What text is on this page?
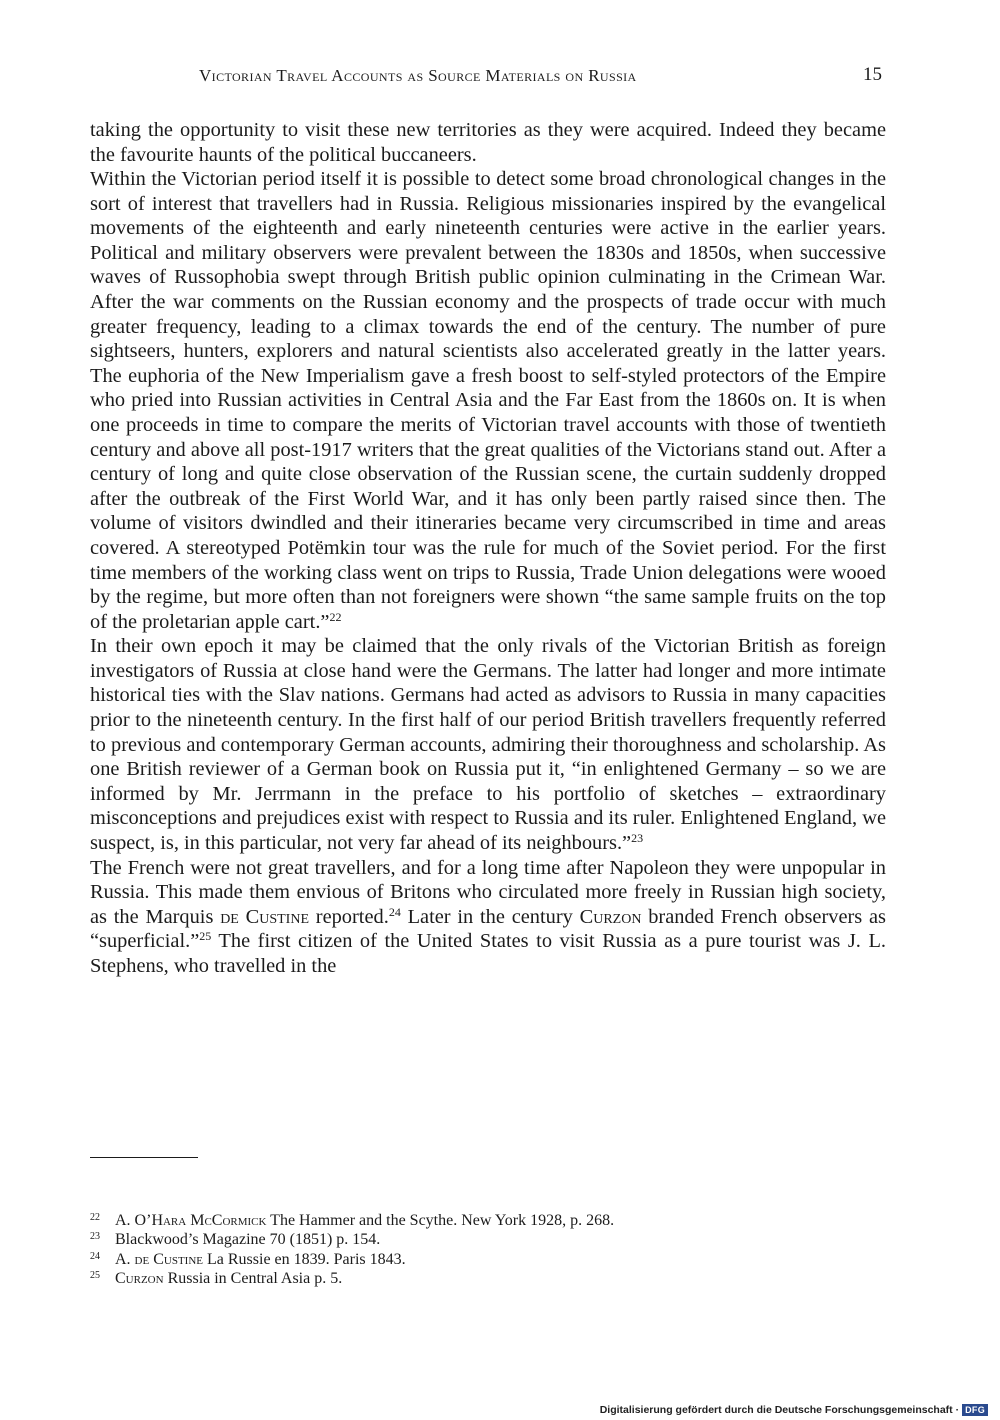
Victorian Travel Accounts as Source Materials on Russia	15

taking the opportunity to visit these new territories as they were acquired. Indeed they became the favourite haunts of the political buccaneers.

Within the Victorian period itself it is possible to detect some broad chronological changes in the sort of interest that travellers had in Russia. Religious missionaries inspired by the evangelical movements of the eighteenth and early nineteenth centuries were active in the earlier years. Political and military observers were prevalent between the 1830s and 1850s, when successive waves of Russophobia swept through British public opinion culminating in the Crimean War. After the war comments on the Russian economy and the prospects of trade occur with much greater frequency, leading to a climax towards the end of the century. The number of pure sightseers, hunters, explorers and natural scientists also accelerated greatly in the latter years. The euphoria of the New Imperialism gave a fresh boost to self-styled protectors of the Empire who pried into Russian activities in Central Asia and the Far East from the 1860s on. It is when one proceeds in time to compare the merits of Victorian travel accounts with those of twentieth century and above all post-1917 writers that the great qualities of the Victorians stand out. After a century of long and quite close observation of the Russian scene, the curtain suddenly dropped after the outbreak of the First World War, and it has only been partly raised since then. The volume of visitors dwindled and their itineraries became very circumscribed in time and areas covered. A stereotyped Potëmkin tour was the rule for much of the Soviet period. For the first time members of the working class went on trips to Russia, Trade Union delegations were wooed by the regime, but more often than not foreigners were shown “the same sample fruits on the top of the proletarian apple cart.”$^{22}$

In their own epoch it may be claimed that the only rivals of the Victorian British as foreign investigators of Russia at close hand were the Germans. The latter had longer and more intimate historical ties with the Slav nations. Germans had acted as advisors to Russia in many capacities prior to the nineteenth century. In the first half of our period British travellers frequently referred to previous and contemporary German accounts, admiring their thoroughness and scholarship. As one British reviewer of a German book on Russia put it, “in enlightened Germany – so we are informed by Mr. Jerrmann in the preface to his portfolio of sketches – extraordinary misconceptions and prejudices exist with respect to Russia and its ruler. Enlightened England, we suspect, is, in this particular, not very far ahead of its neighbours.”$^{23}$

The French were not great travellers, and for a long time after Napoleon they were unpopular in Russia. This made them envious of Britons who circulated more freely in Russian high society, as the Marquis de Custine reported.$^{24}$ Later in the century Curzon branded French observers as “superficial.”$^{25}$ The first citizen of the United States to visit Russia as a pure tourist was J. L. Stephens, who travelled in the

22 A. O’Hara McCormick The Hammer and the Scythe. New York 1928, p. 268.
23 Blackwood’s Magazine 70 (1851) p. 154.
24 A. de Custine La Russie en 1839. Paris 1843.
25 Curzon Russia in Central Asia p. 5.
Digitalisierung gefördert durch die Deutsche Forschungsgemeinschaft · DFG
